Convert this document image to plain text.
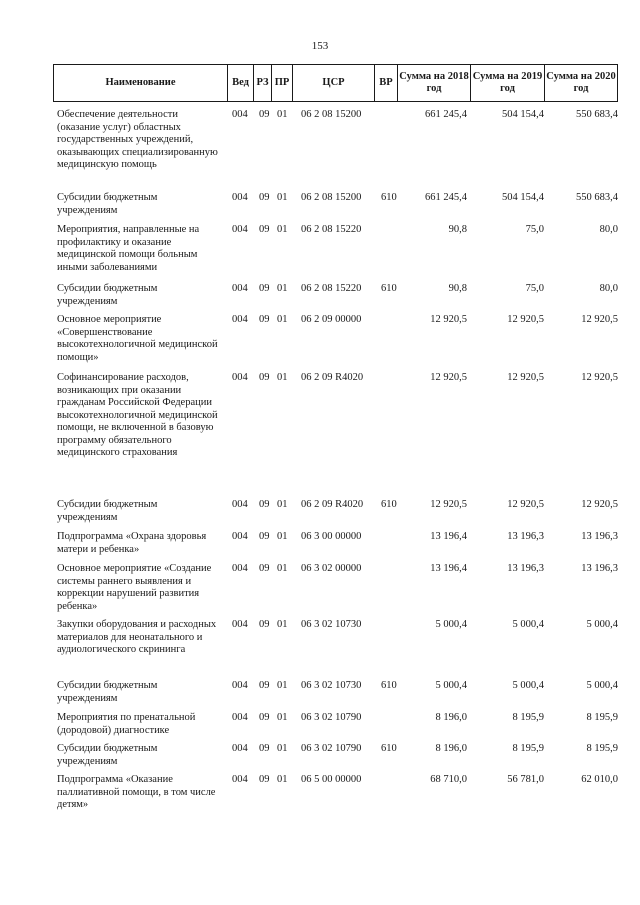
153
Наименование	Вед РЗ ПР	ЦСР	ВР
Сумма на 2018 год
Сумма на 2019 год
Сумма на 2020 год
Обеспечение деятельности (оказание услуг) областных государственных учреждений, оказывающих специализированную медицинскую помощь
004 09 01 06 2 08 15200	661 245,4	504 154,4	550 683,4
Субсидии бюджетным учреждениям
004 09 01 06 2 08 15200 610	661 245,4	504 154,4	550 683,4
Мероприятия, направленные на профилактику и оказание медицинской помощи больным иными заболеваниями
004 09 01 06 2 08 15220	90,8	75,0	80,0
Субсидии бюджетным учреждениям
004 09 01 06 2 08 15220 610	90,8	75,0	80,0
Основное мероприятие «Совершенствование высокотехнологичной медицинской помощи»
004 09 01 06 2 09 00000	12 920,5	12 920,5	12 920,5
Софинансирование расходов, возникающих при оказании гражданам Российской Федерации высокотехнологичной медицинской помощи, не включенной в базовую программу обязательного медицинского страхования
004 09 01 06 2 09 R4020	12 920,5	12 920,5	12 920,5
Субсидии бюджетным учреждениям
004 09 01 06 2 09 R4020 610	12 920,5	12 920,5	12 920,5
Подпрограмма «Охрана здоровья матери и ребенка»
004 09 01 06 3 00 00000	13 196,4	13 196,3	13 196,3
Основное мероприятие «Создание системы раннего выявления и коррекции нарушений развития ребенка»
004 09 01 06 3 02 00000	13 196,4	13 196,3	13 196,3
Закупки оборудования и расходных материалов для неонатального и аудиологического скрининга
004 09 01 06 3 02 10730	5 000,4	5 000,4	5 000,4
Субсидии бюджетным учреждениям
004 09 01 06 3 02 10730 610	5 000,4	5 000,4	5 000,4
Мероприятия по пренатальной (дородовой) диагностике
004 09 01 06 3 02 10790	8 196,0	8 195,9	8 195,9
Субсидии бюджетным учреждениям
004 09 01 06 3 02 10790 610	8 196,0	8 195,9	8 195,9
Подпрограмма «Оказание паллиативной помощи, в том числе детям»
004 09 01 06 5 00 00000	68 710,0	56 781,0	62 010,0
